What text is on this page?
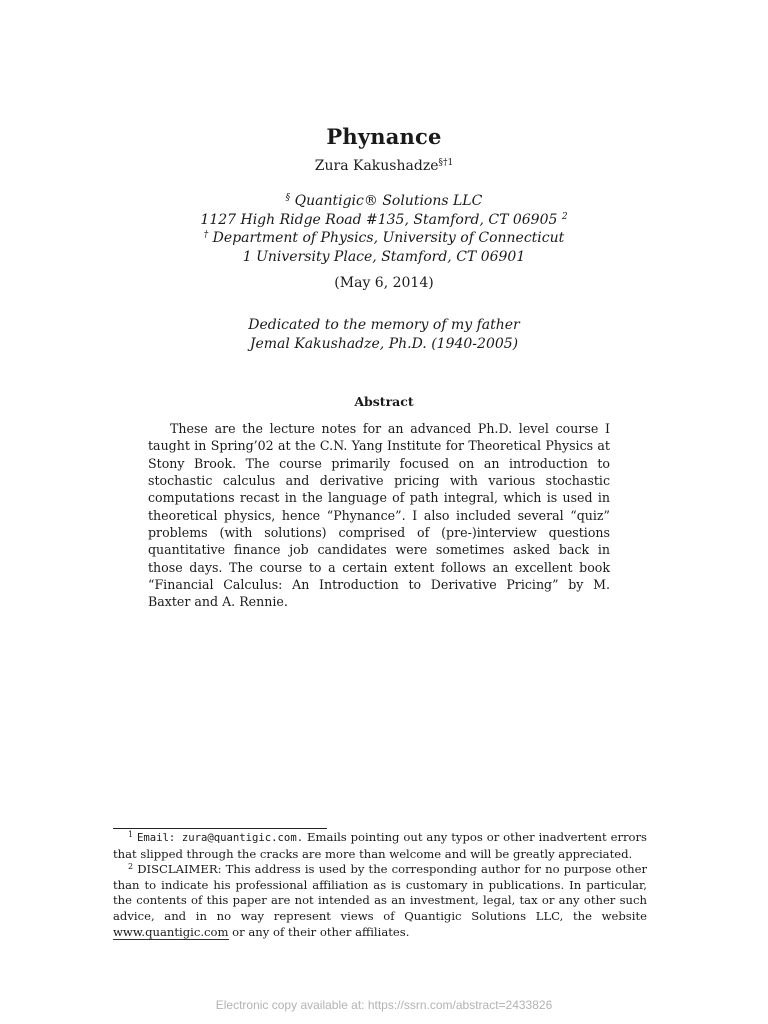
Phynance
Zura Kakushadze$^{\S\dagger 1}$
§ Quantigic® Solutions LLC
1127 High Ridge Road #135, Stamford, CT 06905 $^2$
† Department of Physics, University of Connecticut
1 University Place, Stamford, CT 06901
(May 6, 2014)
Dedicated to the memory of my father
Jemal Kakushadze, Ph.D. (1940-2005)
Abstract
These are the lecture notes for an advanced Ph.D. level course I taught in Spring’02 at the C.N. Yang Institute for Theoretical Physics at Stony Brook. The course primarily focused on an introduction to stochastic calculus and derivative pricing with various stochastic computations recast in the language of path integral, which is used in theoretical physics, hence “Phynance”. I also included several “quiz” problems (with solutions) comprised of (pre-)interview questions quantitative finance job candidates were sometimes asked back in those days. The course to a certain extent follows an excellent book “Financial Calculus: An Introduction to Derivative Pricing” by M. Baxter and A. Rennie.

$^1$ Email: zura@quantigic.com. Emails pointing out any typos or other inadvertent errors that slipped through the cracks are more than welcome and will be greatly appreciated.

$^2$ DISCLAIMER: This address is used by the corresponding author for no purpose other than to indicate his professional affiliation as is customary in publications. In particular, the contents of this paper are not intended as an investment, legal, tax or any other such advice, and in no way represent views of Quantigic Solutions LLC, the website www.quantigic.com or any of their other affiliates.

Electronic copy available at: https://ssrn.com/abstract=2433826
